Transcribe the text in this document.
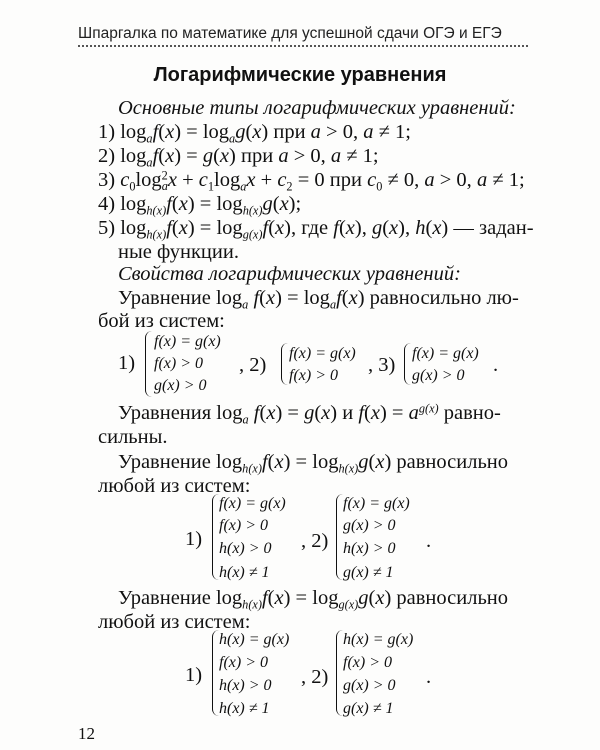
Шпаргалка по математике для успешной сдачи ОГЭ и ЕГЭ
Логарифмические уравнения
Основные типы логарифмических уравнений:
1) $\log_af(x) = \log_ag(x)$ при a > 0, a ≠ 1;
2) $\log_af(x) = g(x)$ при a > 0, a ≠ 1;
3) $c_0\log^2_ax + c_1\log_ax + c_2 = 0$ при $c_0 \ne 0$, a > 0, a ≠ 1;
4) $\log_{h(x)}f(x) = \log_{h(x)}g(x)$;
5) $\log_{h(x)}f(x) = \log_{g(x)}f(x)$, где f(x), g(x), h(x) — задан-
ные функции.
Свойства логарифмических уравнений:
Уравнение $\log_a f(x) = \log_af(x)$ равносильно лю-
бой из систем:
1)
f(x) = g(x)
f(x) > 0
g(x) > 0
, 2)
f(x) = g(x)
f(x) > 0 , 3)
f(x) = g(x)
g(x) > 0 .
Уравнения $\log_a f(x) = g(x)$ и $f(x) = a^{g(x)}$ равно-
сильны.
Уравнение $\log_{h(x)}f(x) = \log_{h(x)}g(x)$ равносильно
любой из систем:
1)
f(x) = g(x)
f(x) > 0
h(x) > 0
h(x) ≠ 1
, 2)
f(x) = g(x)
g(x) > 0
h(x) > 0
g(x) ≠ 1
.
Уравнение $\log_{h(x)}f(x) = \log_{g(x)}g(x)$ равносильно
любой из систем:
1)
h(x) = g(x)
f(x) > 0
h(x) > 0
h(x) ≠ 1
, 2)
h(x) = g(x)
f(x) > 0
g(x) > 0
g(x) ≠ 1
.
12
